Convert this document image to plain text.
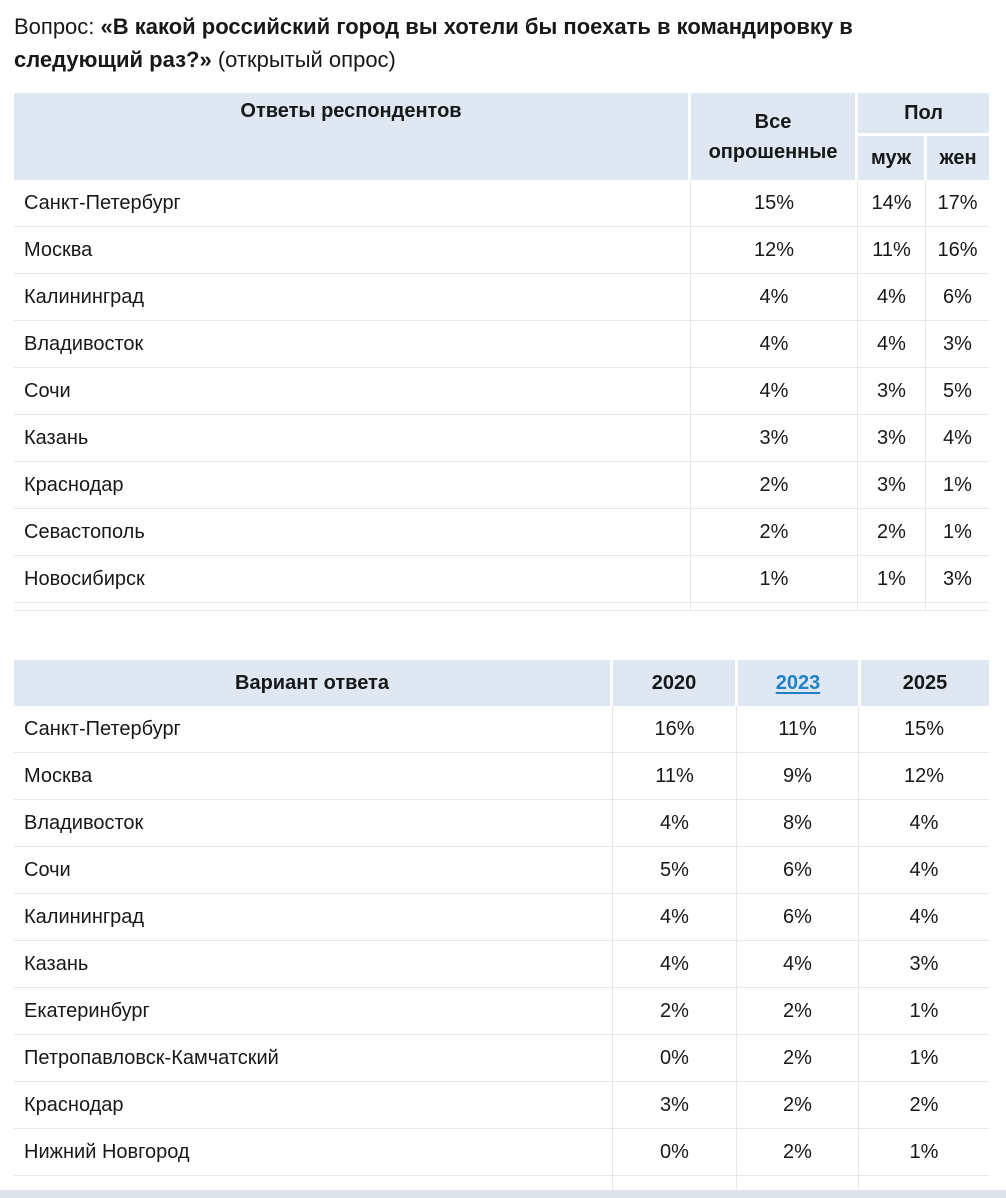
Вопрос: «В какой российский город вы хотели бы поехать в командировку в следующий раз?» (открытый опрос)
Ответы респондентов	Все опрошенные
Пол
муж	жен
Санкт-Петербург	15%	14%	17%
Москва	12%	11%	16%
Калининград	4%	4%	6%
Владивосток	4%	4%	3%
Сочи	4%	3%	5%
Казань	3%	3%	4%
Краснодар	2%	3%	1%
Севастополь	2%	2%	1%
Новосибирск	1%	1%	3%
Вариант ответа	2020	2023	2025
Санкт-Петербург	16%	11%	15%
Москва	11%	9%	12%
Владивосток	4%	8%	4%
Сочи	5%	6%	4%
Калининград	4%	6%	4%
Казань	4%	4%	3%
Екатеринбург	2%	2%	1%
Петропавловск-Камчатский	0%	2%	1%
Краснодар	3%	2%	2%
Нижний Новгород	0%	2%	1%
